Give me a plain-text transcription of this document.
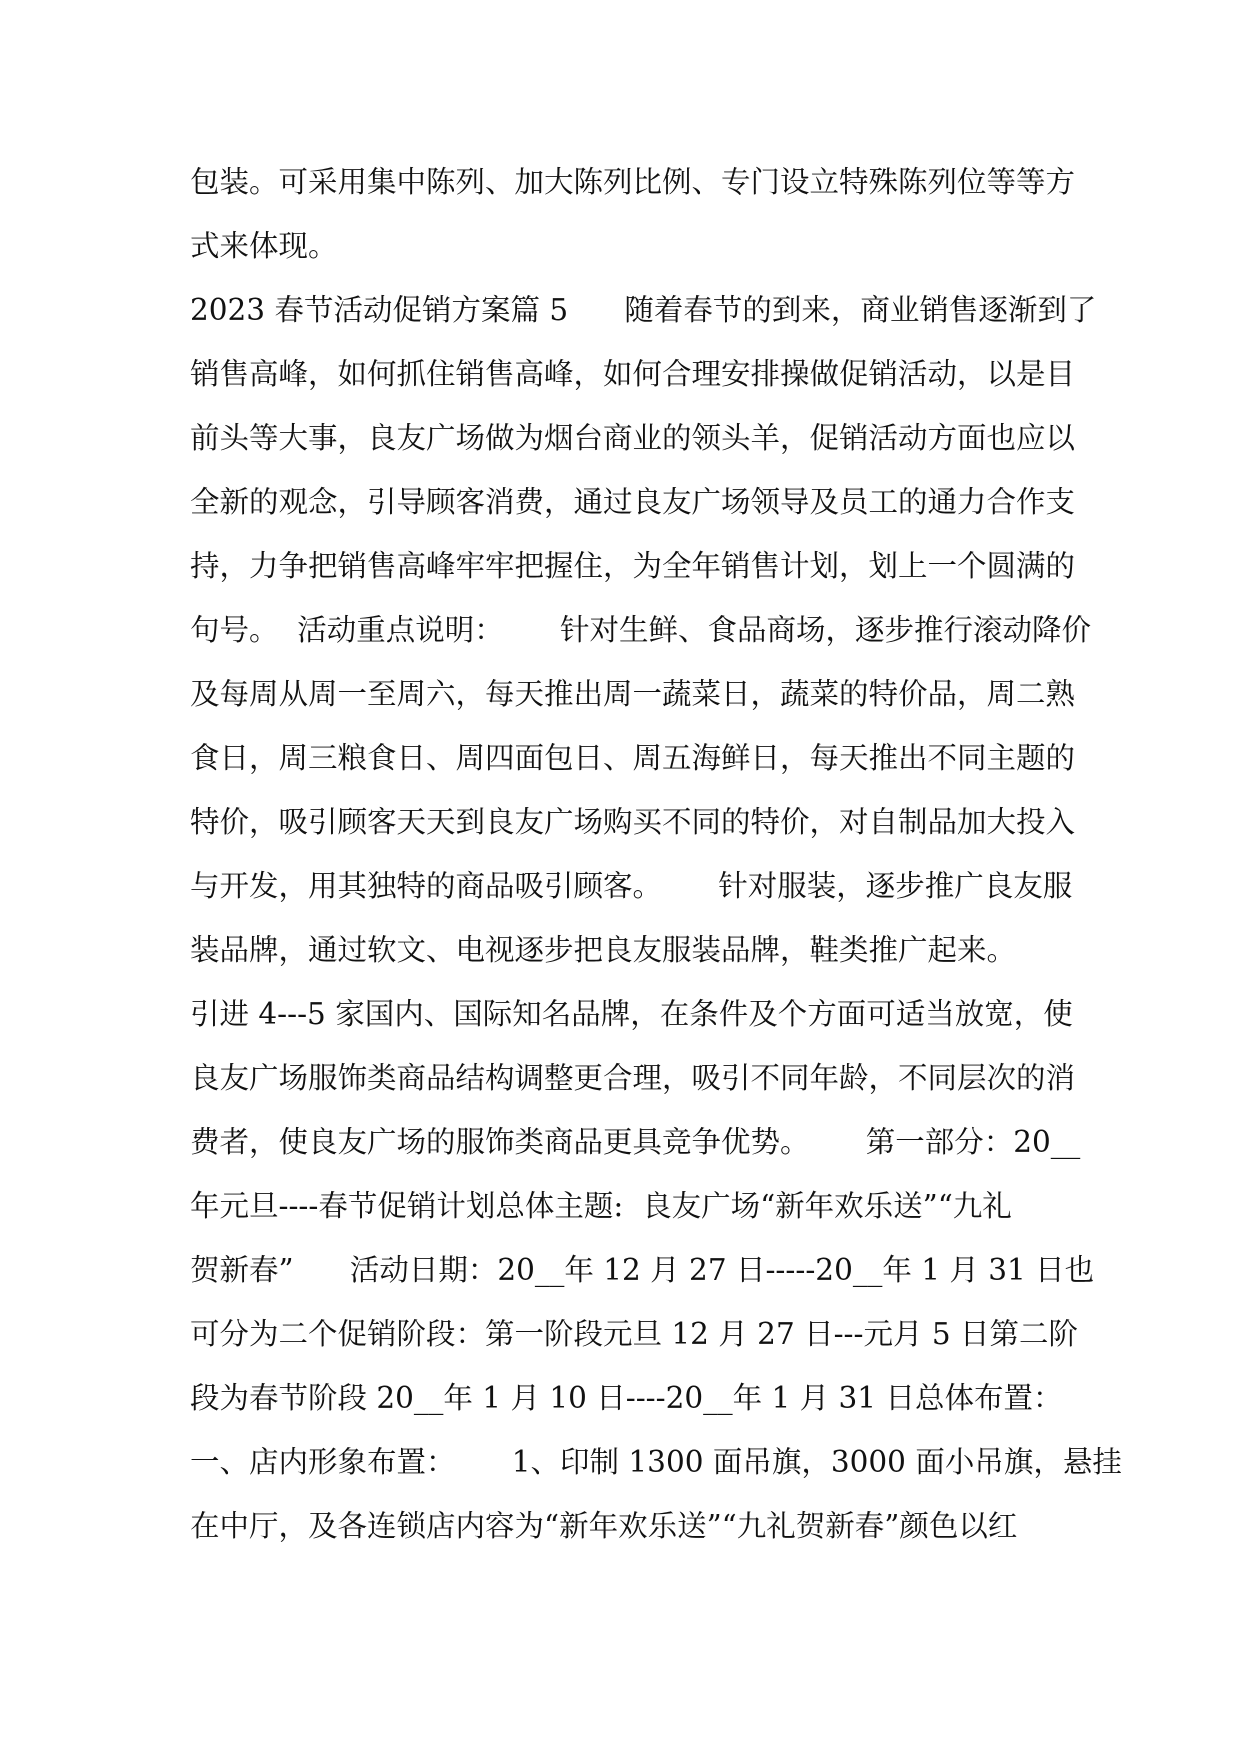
包装。可采用集中陈列、加大陈列比例、专门设立特殊陈列位等等方
式来体现。
2023 春节活动促销方案篇 5      随着春节的到来，商业销售逐渐到了
销售高峰，如何抓住销售高峰，如何合理安排操做促销活动，以是目
前头等大事，良友广场做为烟台商业的领头羊，促销活动方面也应以
全新的观念，引导顾客消费，通过良友广场领导及员工的通力合作支
持，力争把销售高峰牢牢把握住，为全年销售计划，划上一个圆满的
句号。  活动重点说明：      针对生鲜、食品商场，逐步推行滚动降价
及每周从周一至周六，每天推出周一蔬菜日，蔬菜的特价品，周二熟
食日，周三粮食日、周四面包日、周五海鲜日，每天推出不同主题的
特价，吸引顾客天天到良友广场购买不同的特价，对自制品加大投入
与开发，用其独特的商品吸引顾客。      针对服装，逐步推广良友服
装品牌，通过软文、电视逐步把良友服装品牌，鞋类推广起来。
引进 4---5 家国内、国际知名品牌，在条件及个方面可适当放宽，使
良友广场服饰类商品结构调整更合理，吸引不同年龄，不同层次的消
费者，使良友广场的服饰类商品更具竞争优势。      第一部分：20__
年元旦----春节促销计划总体主题:  良友广场“新年欢乐送”“九礼
贺新春”      活动日期：20__年 12 月 27 日-----20__年 1 月 31 日也
可分为二个促销阶段：第一阶段元旦 12 月 27 日---元月 5 日第二阶
段为春节阶段 20__年 1 月 10 日----20__年 1 月 31 日总体布置：
一、店内形象布置：      1、印制 1300 面吊旗，3000 面小吊旗，悬挂
在中厅，及各连锁店内容为“新年欢乐送”“九礼贺新春”颜色以红
